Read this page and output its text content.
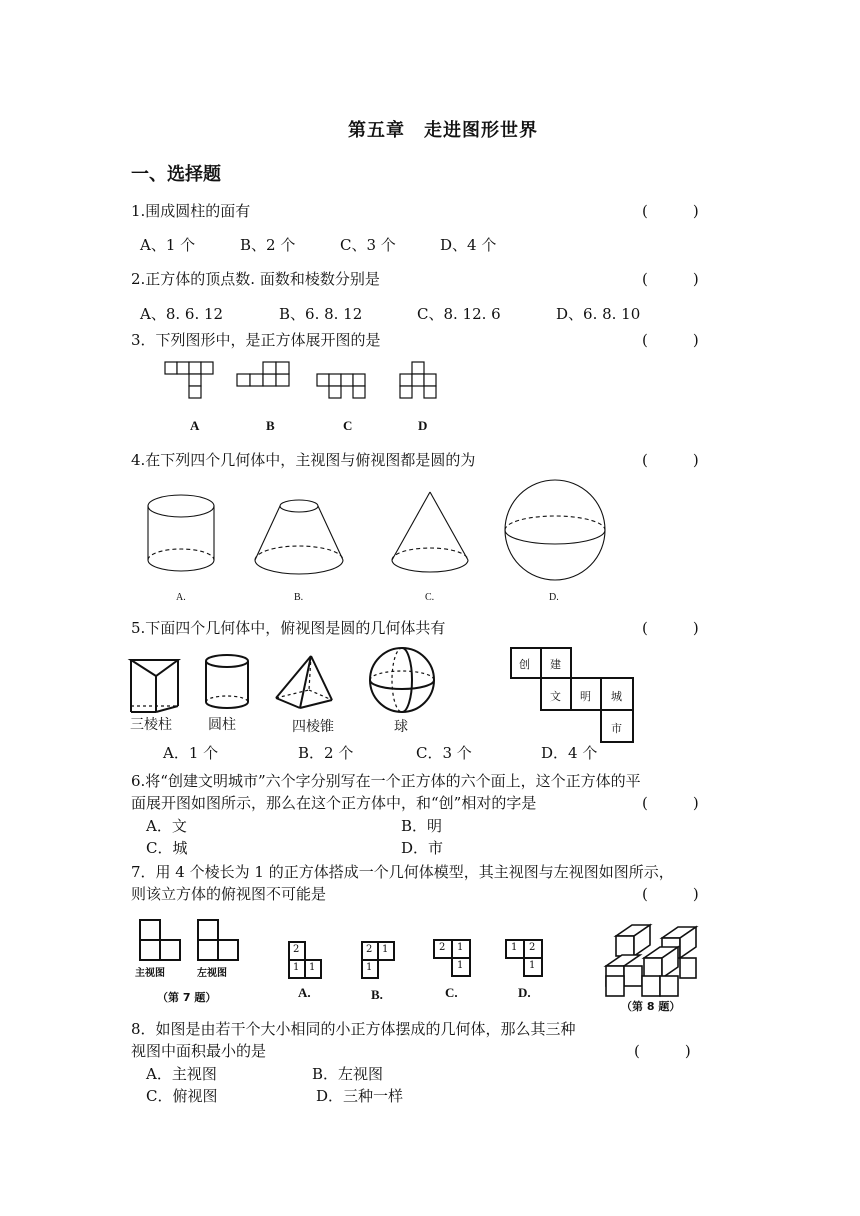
第五章　走进图形世界
一、选择题
1.围成圆柱的面有	(　　　)
A、1 个	B、2 个	C、3 个	D、4 个
2.正方体的顶点数. 面数和棱数分别是	(　　　)
A、8. 6. 12	B、6. 8. 12	C、8. 12. 6	D、6. 8. 10
3．下列图形中，是正方体展开图的是	(　　　)
A	B	C	D
4.在下列四个几何体中，主视图与俯视图都是圆的为	(　　　)
A.	B.	C.	D.
5.下面四个几何体中，俯视图是圆的几何体共有	(　　　)
创 建
文 明 城
市
三棱柱	圆柱	四棱锥	球
A．1 个	B．2 个	C．3 个	D．4 个
6.将“创建文明城市”六个字分别写在一个正方体的六个面上，这个正方体的平
面展开图如图所示，那么在这个正方体中，和“创”相对的字是	(　　　)
A．文	B．明
C．城	D．市
7．用 4 个棱长为 1 的正方体搭成一个几何体模型，其主视图与左视图如图所示，
则该立方体的俯视图不可能是	(　　　)
主视图	左视图
（第 7 题）
2
1 1
2 1
1
2 1
1
1 2
1
A.	B.	C.	D.
（第 8 题）
8．如图是由若干个大小相同的小正方体摆成的几何体，那么其三种
视图中面积最小的是	(　　　)
A．主视图	B．左视图
C．俯视图	D．三种一样
